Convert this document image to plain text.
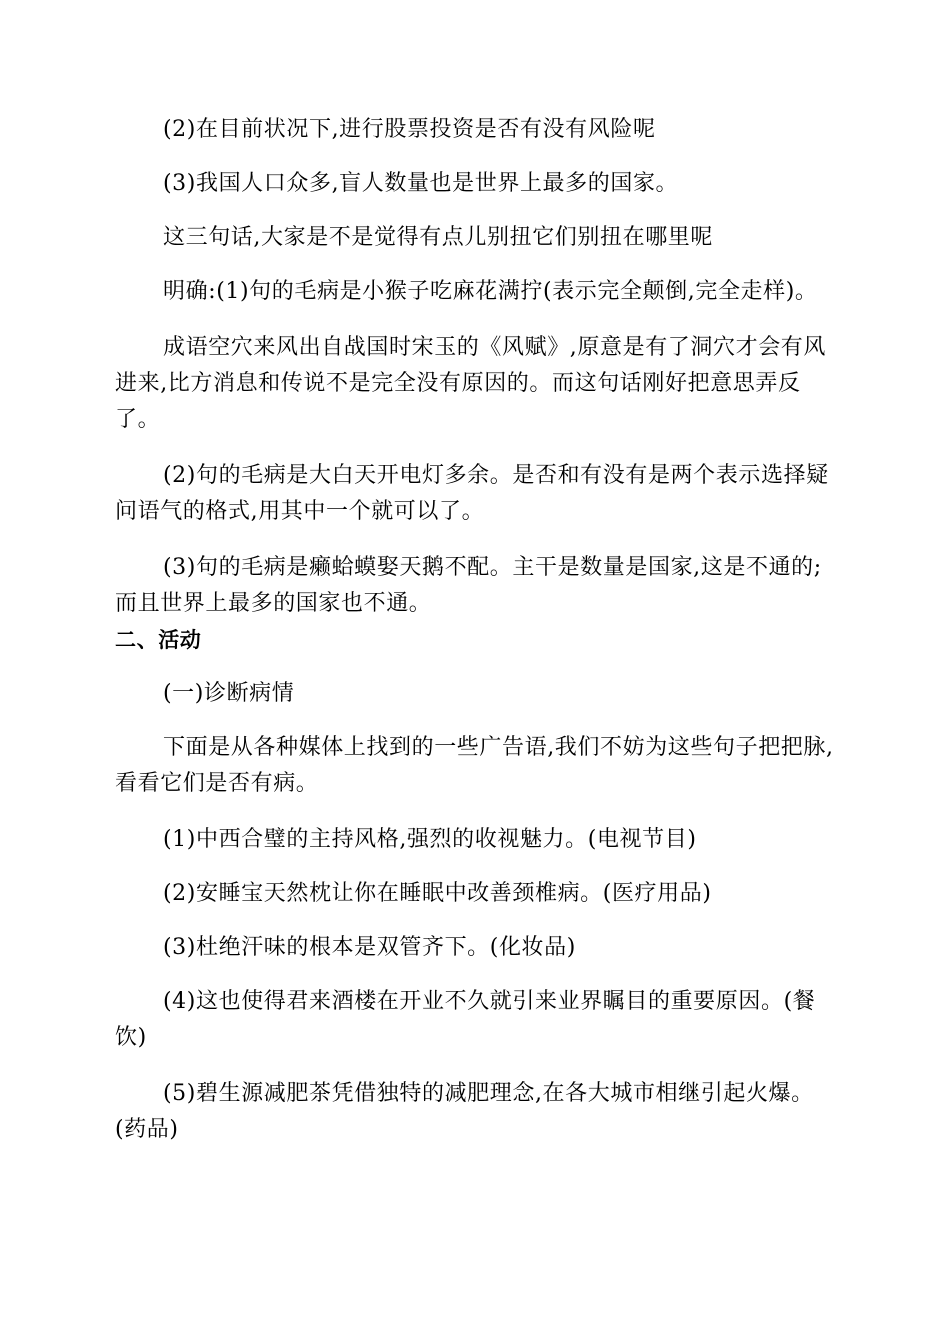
(2)在目前状况下,进行股票投资是否有没有风险呢

(3)我国人口众多,盲人数量也是世界上最多的国家。

这三句话,大家是不是觉得有点儿别扭它们别扭在哪里呢

明确:(1)句的毛病是小猴子吃麻花满拧(表示完全颠倒,完全走样)。

成语空穴来风出自战国时宋玉的《风赋》,原意是有了洞穴才会有风进来,比方消息和传说不是完全没有原因的。而这句话刚好把意思弄反了。

(2)句的毛病是大白天开电灯多余。是否和有没有是两个表示选择疑问语气的格式,用其中一个就可以了。

(3)句的毛病是癞蛤蟆娶天鹅不配。主干是数量是国家,这是不通的;而且世界上最多的国家也不通。

二、活动

(一)诊断病情

下面是从各种媒体上找到的一些广告语,我们不妨为这些句子把把脉,看看它们是否有病。

(1)中西合璧的主持风格,强烈的收视魅力。(电视节目)

(2)安睡宝天然枕让你在睡眠中改善颈椎病。(医疗用品)

(3)杜绝汗味的根本是双管齐下。(化妆品)

(4)这也使得君来酒楼在开业不久就引来业界瞩目的重要原因。(餐饮)

(5)碧生源减肥茶凭借独特的减肥理念,在各大城市相继引起火爆。(药品)
